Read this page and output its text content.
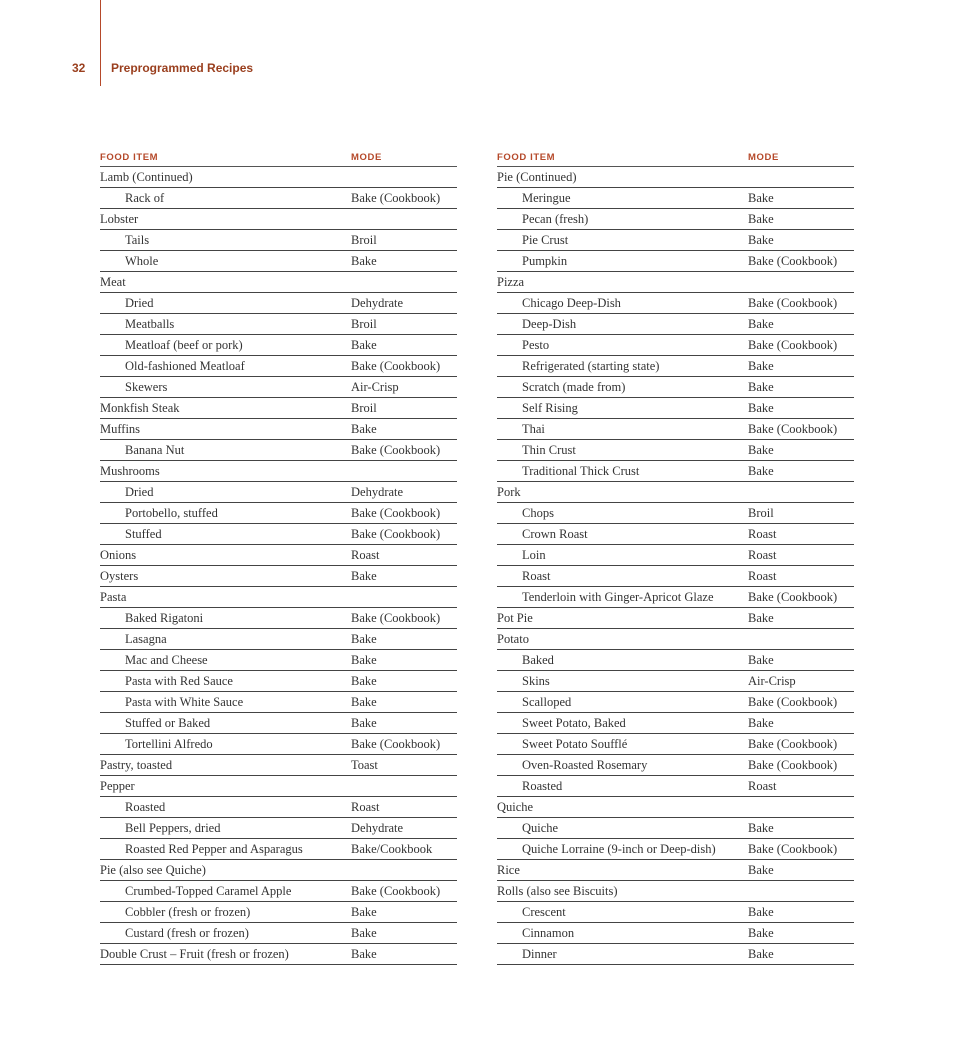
32 Preprogrammed Recipes
FOOD ITEM	MODE
Lamb (Continued)
Rack of	Bake (Cookbook)
Lobster
Tails	Broil
Whole	Bake
Meat
Dried	Dehydrate
Meatballs	Broil
Meatloaf (beef or pork)	Bake
Old-fashioned Meatloaf	Bake (Cookbook)
Skewers	Air-Crisp
Monkfish Steak	Broil
Muffins	Bake
Banana Nut	Bake (Cookbook)
Mushrooms
Dried	Dehydrate
Portobello, stuffed	Bake (Cookbook)
Stuffed	Bake (Cookbook)
Onions	Roast
Oysters	Bake
Pasta
Baked Rigatoni	Bake (Cookbook)
Lasagna	Bake
Mac and Cheese	Bake
Pasta with Red Sauce	Bake
Pasta with White Sauce	Bake
Stuffed or Baked	Bake
Tortellini Alfredo	Bake (Cookbook)
Pastry, toasted	Toast
Pepper
Roasted	Roast
Bell Peppers, dried	Dehydrate
Roasted Red Pepper and Asparagus	Bake/Cookbook
Pie (also see Quiche)
Crumbed-Topped Caramel Apple	Bake (Cookbook)
Cobbler (fresh or frozen)	Bake
Custard (fresh or frozen)	Bake
Double Crust – Fruit (fresh or frozen)	Bake
FOOD ITEM	MODE
Pie (Continued)
Meringue	Bake
Pecan (fresh)	Bake
Pie Crust	Bake
Pumpkin	Bake (Cookbook)
Pizza
Chicago Deep-Dish	Bake (Cookbook)
Deep-Dish	Bake
Pesto	Bake (Cookbook)
Refrigerated (starting state)	Bake
Scratch (made from)	Bake
Self Rising	Bake
Thai	Bake (Cookbook)
Thin Crust	Bake
Traditional Thick Crust	Bake
Pork
Chops	Broil
Crown Roast	Roast
Loin	Roast
Roast	Roast
Tenderloin with Ginger-Apricot Glaze	Bake (Cookbook)
Pot Pie	Bake
Potato
Baked	Bake
Skins	Air-Crisp
Scalloped	Bake (Cookbook)
Sweet Potato, Baked	Bake
Sweet Potato Soufflé	Bake (Cookbook)
Oven-Roasted Rosemary	Bake (Cookbook)
Roasted	Roast
Quiche
Quiche	Bake
Quiche Lorraine (9-inch or Deep-dish)	Bake (Cookbook)
Rice	Bake
Rolls (also see Biscuits)
Crescent	Bake
Cinnamon	Bake
Dinner	Bake
